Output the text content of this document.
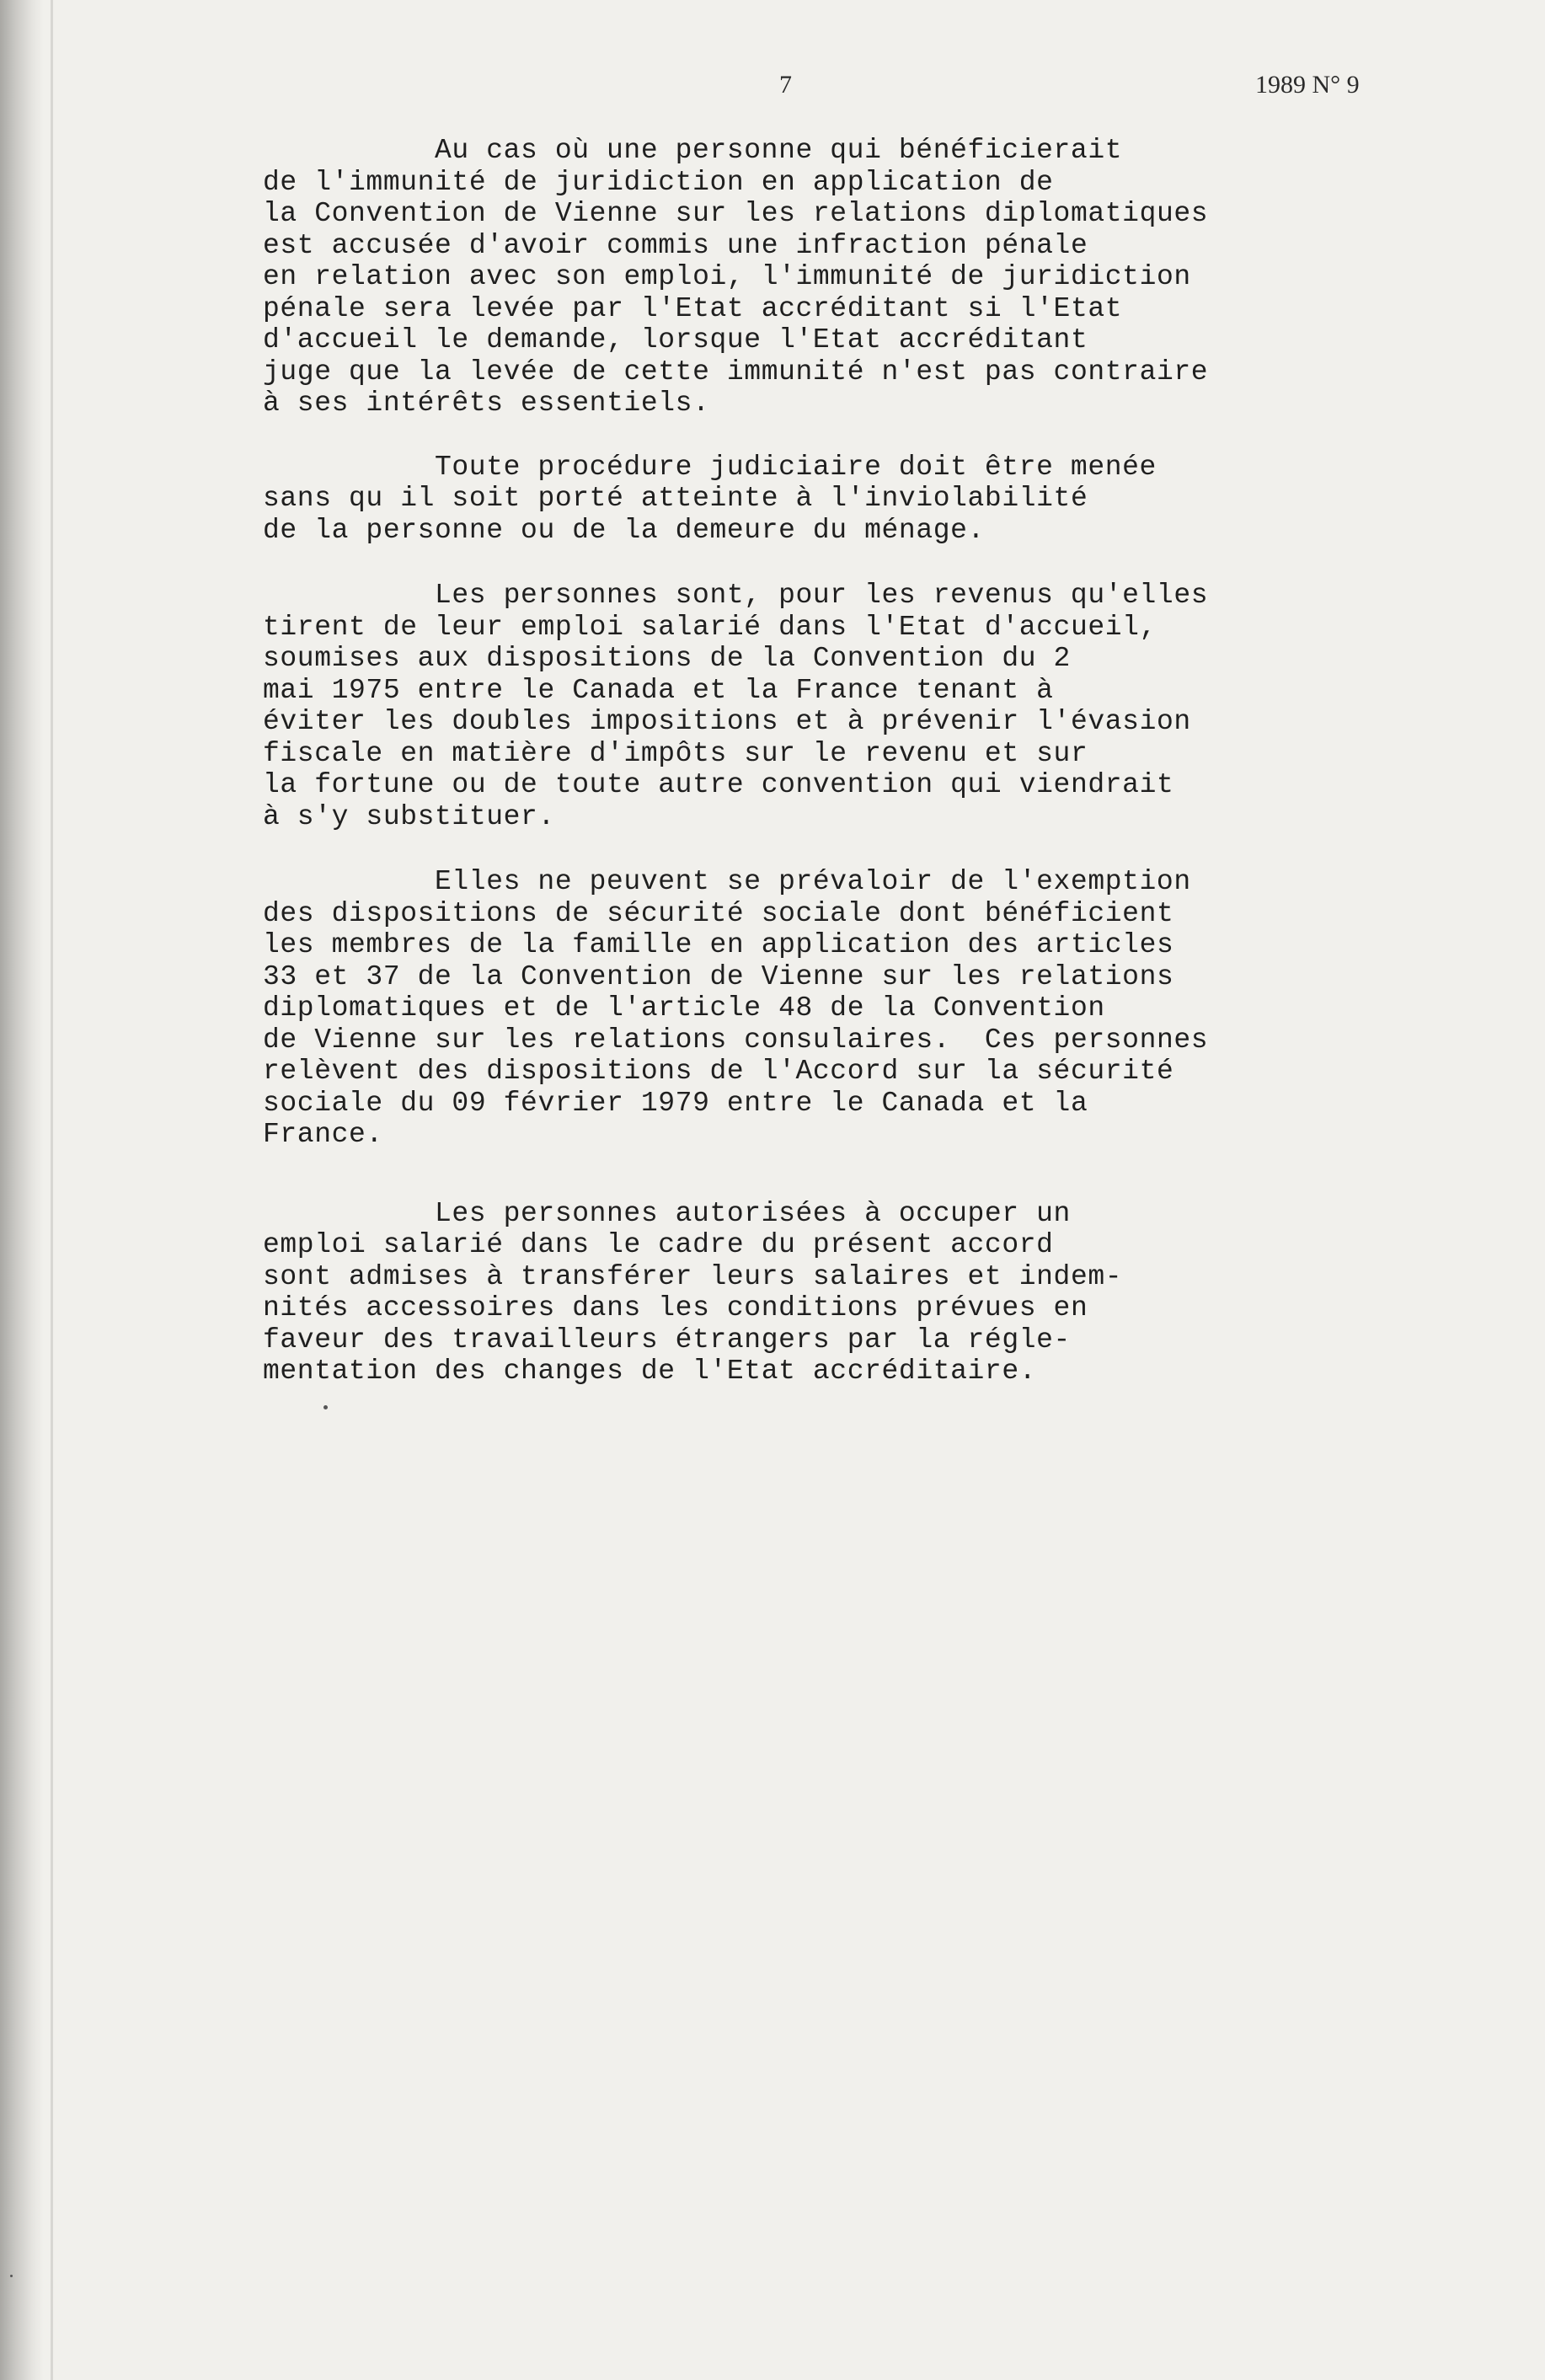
7	1989 N° 9
Au cas où une personne qui bénéficierait
de l'immunité de juridiction en application de
la Convention de Vienne sur les relations diplomatiques
est accusée d'avoir commis une infraction pénale
en relation avec son emploi, l'immunité de juridiction
pénale sera levée par l'Etat accréditant si l'Etat
d'accueil le demande, lorsque l'Etat accréditant
juge que la levée de cette immunité n'est pas contraire
à ses intérêts essentiels.
Toute procédure judiciaire doit être menée
sans qu il soit porté atteinte à l'inviolabilité
de la personne ou de la demeure du ménage.
Les personnes sont, pour les revenus qu'elles
tirent de leur emploi salarié dans l'Etat d'accueil,
soumises aux dispositions de la Convention du 2
mai 1975 entre le Canada et la France tenant à
éviter les doubles impositions et à prévenir l'évasion
fiscale en matière d'impôts sur le revenu et sur
la fortune ou de toute autre convention qui viendrait
à s'y substituer.
Elles ne peuvent se prévaloir de l'exemption
des dispositions de sécurité sociale dont bénéficient
les membres de la famille en application des articles
33 et 37 de la Convention de Vienne sur les relations
diplomatiques et de l'article 48 de la Convention
de Vienne sur les relations consulaires.  Ces personnes
relèvent des dispositions de l'Accord sur la sécurité
sociale du 09 février 1979 entre le Canada et la
France.
Les personnes autorisées à occuper un
emploi salarié dans le cadre du présent accord
sont admises à transférer leurs salaires et indem-
nités accessoires dans les conditions prévues en
faveur des travailleurs étrangers par la régle-
mentation des changes de l'Etat accréditaire.
